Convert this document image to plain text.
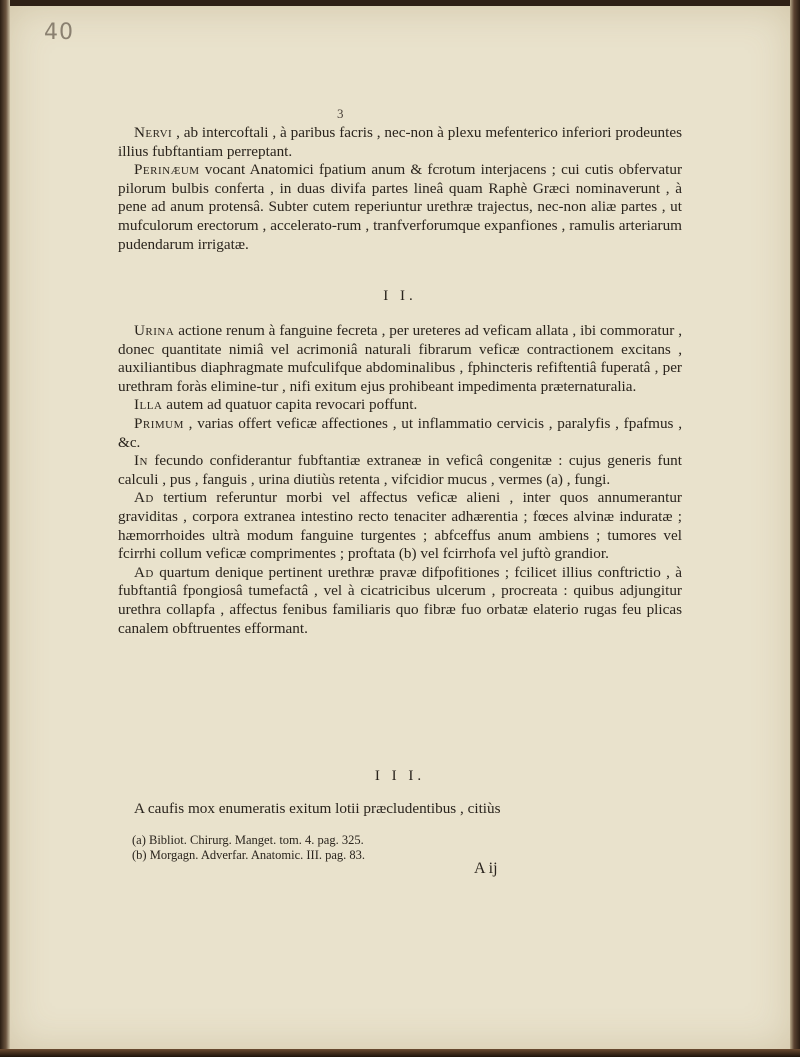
40
3

Nervi , ab intercoftali , à paribus facris , nec-non à plexu mefenterico inferiori prodeuntes illius fubftantiam perreptant.

Perinæum vocant Anatomici fpatium anum & fcrotum interjacens ; cui cutis obfervatur pilorum bulbis conferta , in duas divifa partes lineâ quam Raphè Græci nominaverunt , à pene ad anum protensâ. Subter cutem reperiuntur urethræ trajectus, nec-non aliæ partes , ut mufculorum erectorum , accelerato-rum , tranfverforumque expanfiones , ramulis arteriarum pudendarum irrigatæ.

I I.

Urina actione renum à fanguine fecreta , per ureteres ad veficam allata , ibi commoratur , donec quantitate nimiâ vel acrimoniâ naturali fibrarum veficæ contractionem excitans , auxiliantibus diaphragmate mufculifque abdominalibus , fphincteris refiftentiâ fuperatâ , per urethram foràs elimine-tur , nifi exitum ejus prohibeant impedimenta præternaturalia.

Illa autem ad quatuor capita revocari poffunt.

Primum , varias offert veficæ affectiones , ut inflammatio cervicis , paralyfis , fpafmus , &c.

In fecundo confiderantur fubftantiæ extraneæ in veficâ congenitæ : cujus generis funt calculi , pus , fanguis , urina diutiùs retenta , vifcidior mucus , vermes (a) , fungi.

Ad tertium referuntur morbi vel affectus veficæ alieni , inter quos annumerantur graviditas , corpora extranea intestino recto tenaciter adhærentia ; fœces alvinæ induratæ ; hæmorrhoides ultrà modum fanguine turgentes ; abfceffus anum ambiens ; tumores vel fcirrhi collum veficæ comprimentes ; proftata (b) vel fcirrhofa vel juftò grandior.

Ad quartum denique pertinent urethræ pravæ difpofitiones ; fcilicet illius conftrictio , à fubftantiâ fpongiosâ tumefactâ , vel à cicatricibus ulcerum , procreata : quibus adjungitur urethra collapfa , affectus fenibus familiaris quo fibræ fuo orbatæ elaterio rugas feu plicas canalem obftruentes efformant.

I I I.

A caufis mox enumeratis exitum lotii præcludentibus , citiùs

(a) Bibliot. Chirurg. Manget. tom. 4. pag. 325.
(b) Morgagn. Adverfar. Anatomic. III. pag. 83.
A ij
